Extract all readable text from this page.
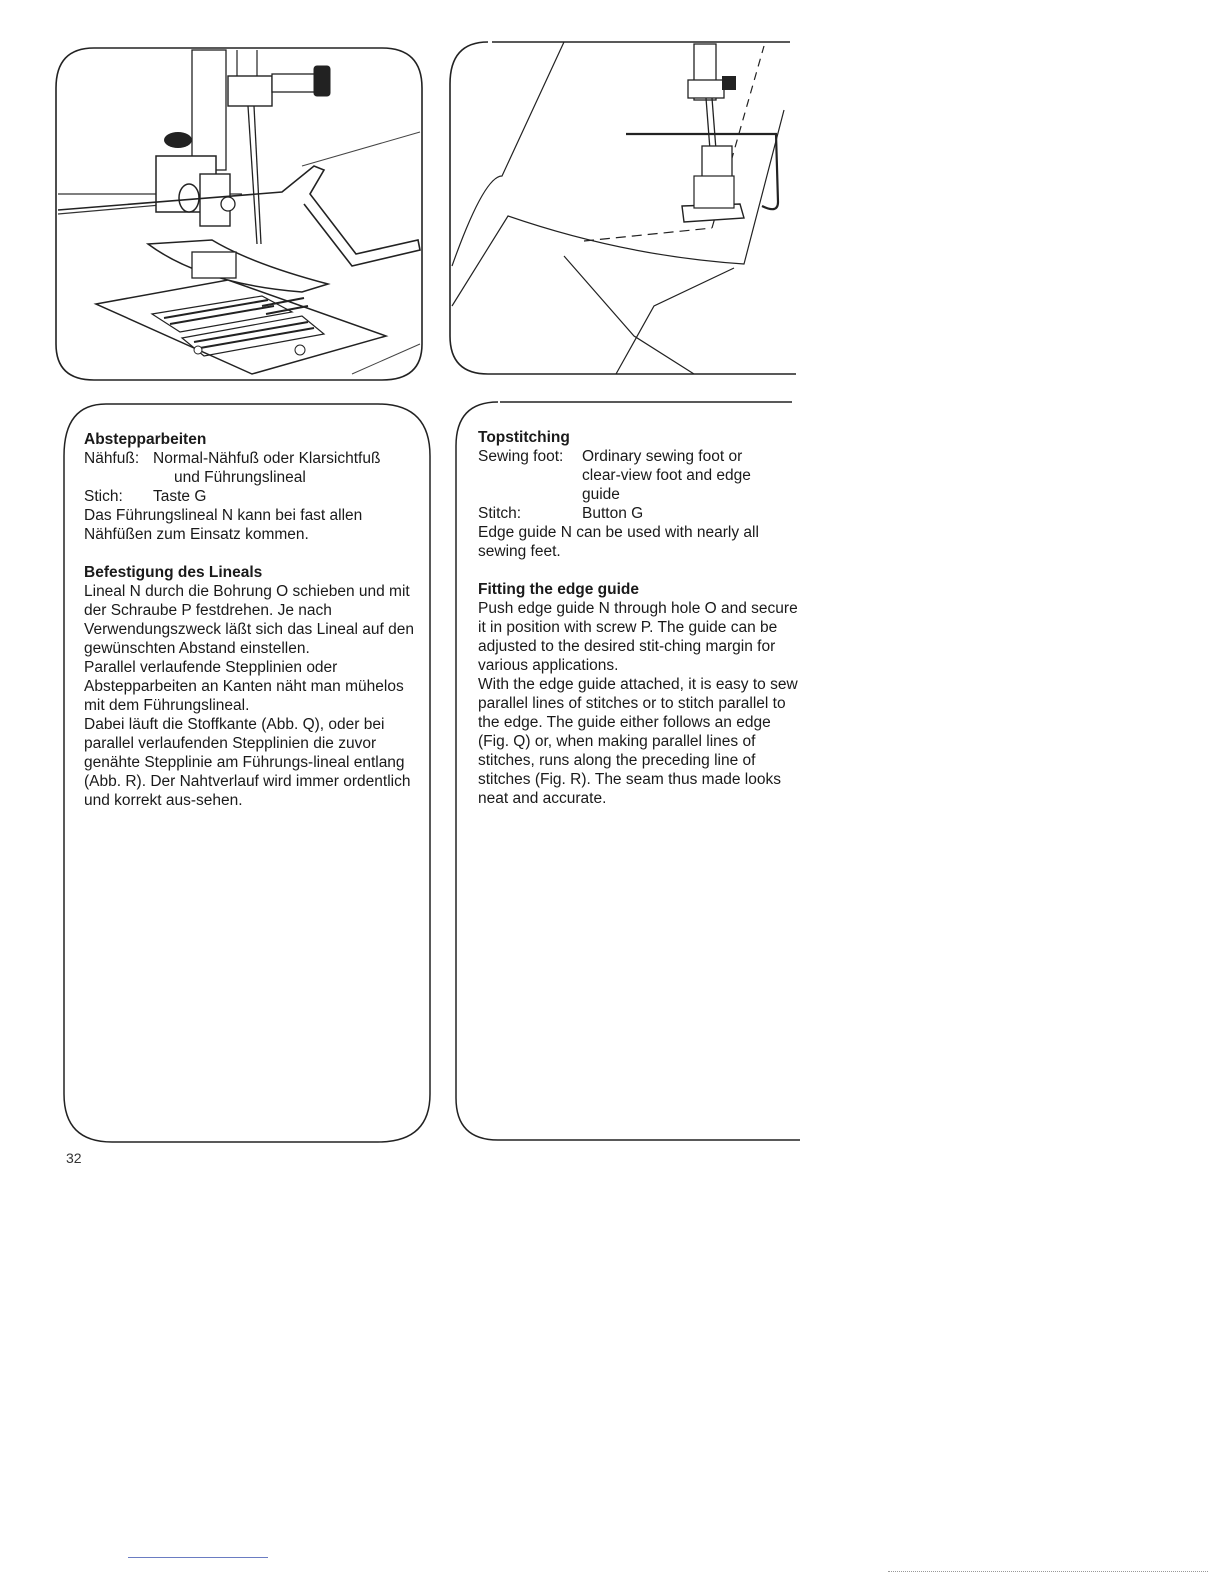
Abstepparbeiten

Nähfuß: Normal-Nähfuß oder Klarsichtfuß
und Führungslineal
Stich:	Taste G

Das Führungslineal N kann bei fast allen Nähfüßen zum Einsatz kommen.

Befestigung des Lineals

Lineal N durch die Bohrung O schieben und mit der Schraube P festdrehen. Je nach Verwendungszweck läßt sich das Lineal auf den gewünschten Abstand einstellen.

Parallel verlaufende Stepplinien oder Abstepparbeiten an Kanten näht man mühelos mit dem Führungslineal.

Dabei läuft die Stoffkante (Abb. Q), oder bei parallel verlaufenden Stepplinien die zuvor genähte Stepplinie am Führungs-lineal entlang (Abb. R). Der Nahtverlauf wird immer ordentlich und korrekt aus-sehen.

Topstitching

Sewing foot:	Ordinary sewing foot or clear-view foot and edge guide
Stitch:	Button G

Edge guide N can be used with nearly all sewing feet.

Fitting the edge guide

Push edge guide N through hole O and secure it in position with screw P. The guide can be adjusted to the desired stit-ching margin for various applications.

With the edge guide attached, it is easy to sew parallel lines of stitches or to stitch parallel to the edge. The guide either follows an edge (Fig. Q) or, when making parallel lines of stitches, runs along the preceding line of stitches (Fig. R). The seam thus made looks neat and accurate.

32
